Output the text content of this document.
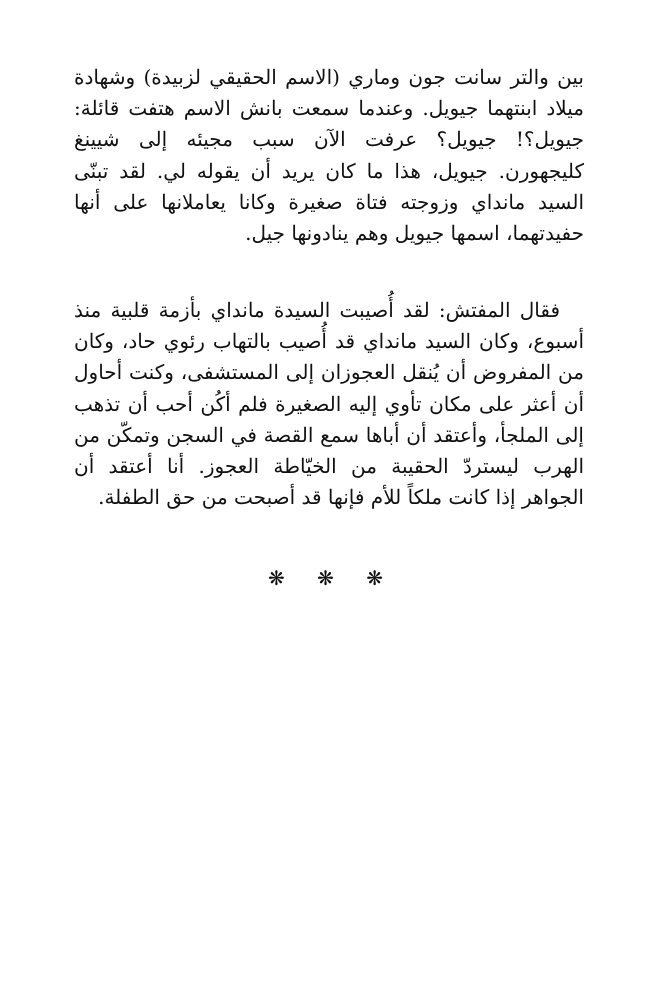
بين والتر سانت جون وماري (الاسم الحقيقي لزبيدة) وشهادة ميلاد ابنتهما جيويل. وعندما سمعت بانش الاسم هتفت قائلة: جيويل؟! جيويل؟ عرفت الآن سبب مجيئه إلى شيينغ كليجهورن. جيويل، هذا ما كان يريد أن يقوله لي. لقد تبنّى السيد مانداي وزوجته فتاة صغيرة وكانا يعاملانها على أنها حفيدتهما، اسمها جيويل وهم ينادونها جيل.

فقال المفتش: لقد أُصيبت السيدة مانداي بأزمة قلبية منذ أسبوع، وكان السيد مانداي قد أُصيب بالتهاب رئوي حاد، وكان من المفروض أن يُنقل العجوزان إلى المستشفى، وكنت أحاول أن أعثر على مكان تأوي إليه الصغيرة فلم أكُن أحب أن تذهب إلى الملجأ، وأعتقد أن أباها سمع القصة في السجن وتمكّن من الهرب ليستردّ الحقيبة من الخيّاطة العجوز. أنا أعتقد أن الجواهر إذا كانت ملكاً للأم فإنها قد أصبحت من حق الطفلة.

❋ ❋ ❋
